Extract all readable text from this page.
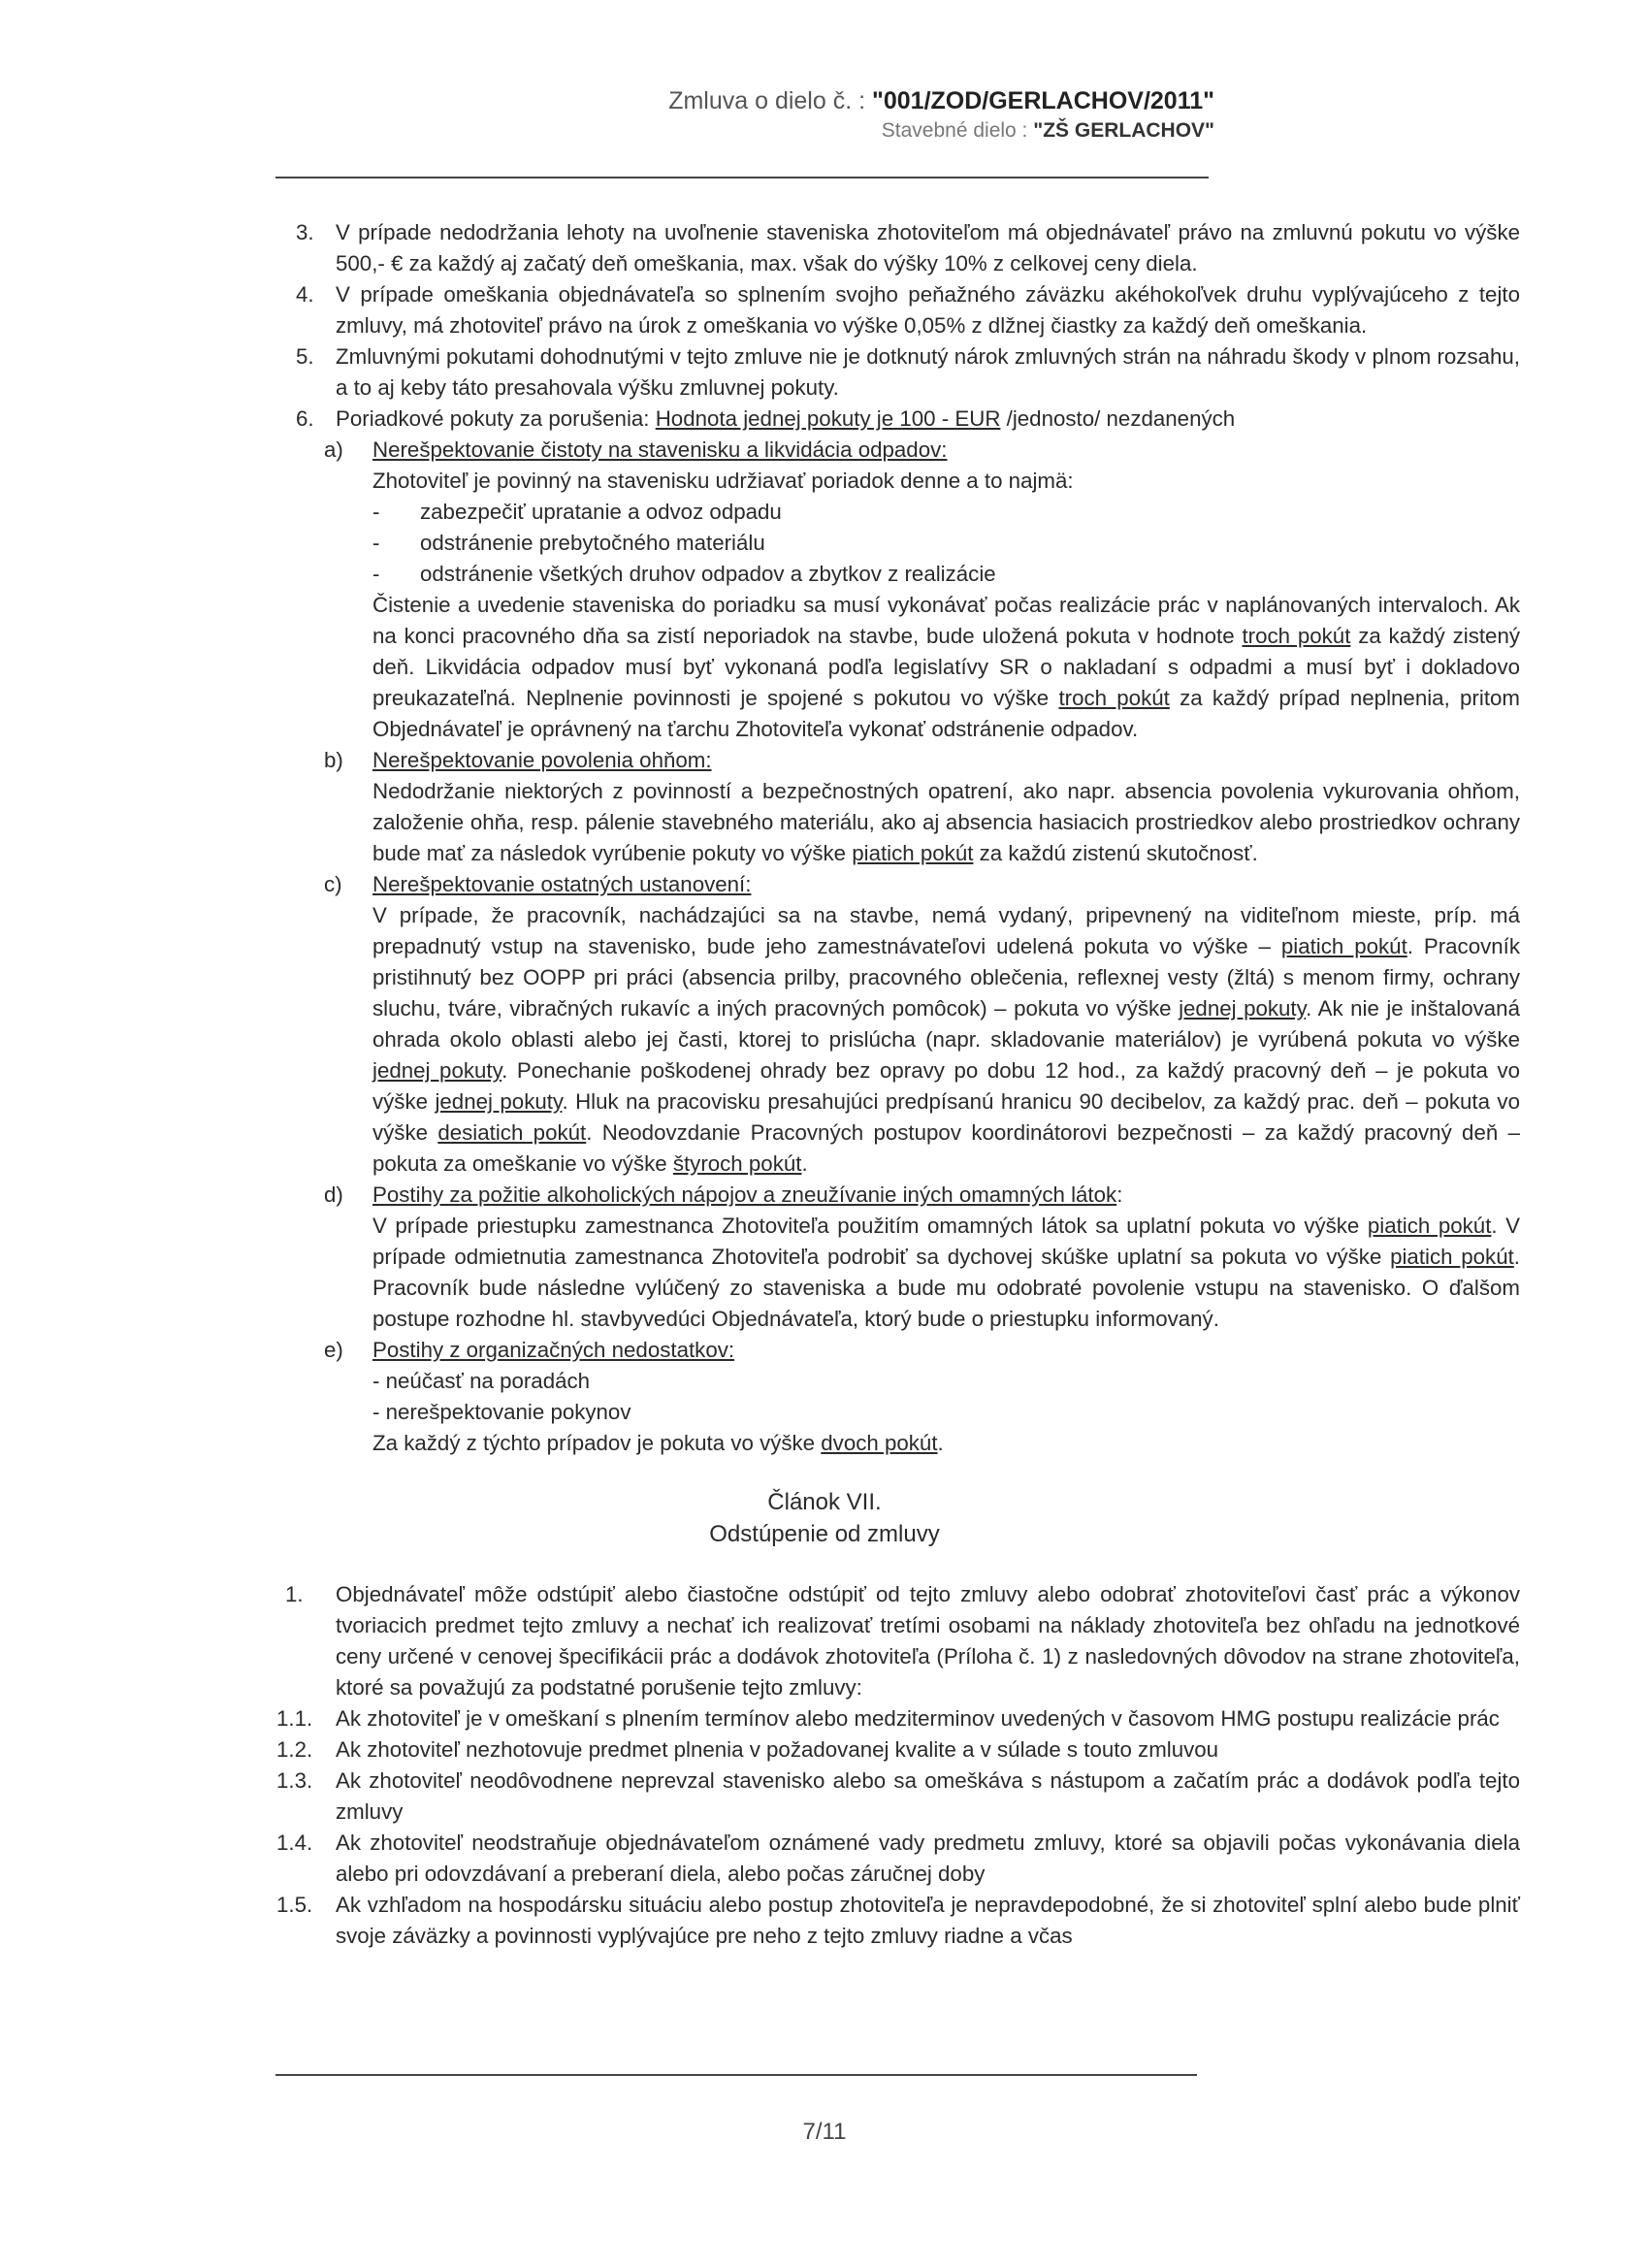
Zmluva o dielo č. : "001/ZOD/GERLACHOV/2011"
Stavebné dielo : "ZŠ GERLACHOV"
3. V prípade nedodržania lehoty na uvoľnenie staveniska zhotoviteľom má objednávateľ právo na zmluvnú pokutu vo výške 500,- € za každý aj začatý deň omeškania, max. však do výšky 10% z celkovej ceny diela.
4. V prípade omeškania objednávateľa so splnením svojho peňažného záväzku akéhokoľvek druhu vyplývajúceho z tejto zmluvy, má zhotoviteľ právo na úrok z omeškania vo výške 0,05% z dlžnej čiastky za každý deň omeškania.
5. Zmluvnými pokutami dohodnutými v tejto zmluve nie je dotknutý nárok zmluvných strán na náhradu škody v plnom rozsahu, a to aj keby táto presahovala výšku zmluvnej pokuty.
6. Poriadkové pokuty za porušenia: Hodnota jednej pokuty je 100 - EUR /jednosto/ nezdanených
a) Nerešpektovanie čistoty na stavenisku a likvidácia odpadov:
Zhotoviteľ je povinný na stavenisku udržiavať poriadok denne a to najmä:
- zabezpečiť upratanie a odvoz odpadu
- odstránenie prebytočného materiálu
- odstránenie všetkých druhov odpadov a zbytkov z realizácie
Čistenie a uvedenie staveniska do poriadku sa musí vykonávať počas realizácie prác v naplánovaných intervaloch. Ak na konci pracovného dňa sa zistí neporiadok na stavbe, bude uložená pokuta v hodnote troch pokút za každý zistený deň. Likvidácia odpadov musí byť vykonaná podľa legislatívy SR o nakladaní s odpadmi a musí byť i dokladovo preukazateľná. Neplnenie povinnosti je spojené s pokutou vo výške troch pokút za každý prípad neplnenia, pritom Objednávateľ je oprávnený na ťarchu Zhotoviteľa vykonať odstránenie odpadov.
b) Nerešpektovanie povolenia ohňom:
Nedodržanie niektorých z povinností a bezpečnostných opatrení, ako napr. absencia povolenia vykurovania ohňom, založenie ohňa, resp. pálenie stavebného materiálu, ako aj absencia hasiacich prostriedkov alebo prostriedkov ochrany bude mať za následok vyrúbenie pokuty vo výške piatich pokút za každú zistenú skutočnosť.
c) Nerešpektovanie ostatných ustanovení:
V prípade, že pracovník, nachádzajúci sa na stavbe, nemá vydaný, pripevnený na viditeľnom mieste, príp. má prepadnutý vstup na stavenisko, bude jeho zamestnávateľovi udelená pokuta vo výške – piatich pokút. Pracovník pristihnutý bez OOPP pri práci (absencia prilby, pracovného oblečenia, reflexnej vesty (žltá) s menom firmy, ochrany sluchu, tváre, vibračných rukavíc a iných pracovných pomôcok) – pokuta vo výške jednej pokuty. Ak nie je inštalovaná ohrada okolo oblasti alebo jej časti, ktorej to prislúcha (napr. skladovanie materiálov) je vyrúbená pokuta vo výške jednej pokuty. Ponechanie poškodenej ohrady bez opravy po dobu 12 hod., za každý pracovný deň – je pokuta vo výške jednej pokuty. Hluk na pracovisku presahujúci predpísanú hranicu 90 decibelov, za každý prac. deň – pokuta vo výške desiatich pokút. Neodovzdanie Pracovných postupov koordinátorovi bezpečnosti – za každý pracovný deň – pokuta za omeškanie vo výške štyroch pokút.
d) Postihy za požitie alkoholických nápojov a zneužívanie iných omamných látok:
V prípade priestupku zamestnanca Zhotoviteľa použitím omamných látok sa uplatní pokuta vo výške piatich pokút. V prípade odmietnutia zamestnanca Zhotoviteľa podrobiť sa dychovej skúške uplatní sa pokuta vo výške piatich pokút. Pracovník bude následne vylúčený zo staveniska a bude mu odobraté povolenie vstupu na stavenisko. O ďalšom postupe rozhodne hl. stavbyvedúci Objednávateľa, ktorý bude o priestupku informovaný.
e) Postihy z organizačných nedostatkov:
- neúčasť na poradách
- nerešpektovanie pokynov
Za každý z týchto prípadov je pokuta vo výške dvoch pokút.
Článok VII.
Odstúpenie od zmluvy
1. Objednávateľ môže odstúpiť alebo čiastočne odstúpiť od tejto zmluvy alebo odobrať zhotoviteľovi časť prác a výkonov tvoriacich predmet tejto zmluvy a nechať ich realizovať tretími osobami na náklady zhotoviteľa bez ohľadu na jednotkové ceny určené v cenovej špecifikácii prác a dodávok zhotoviteľa (Príloha č. 1) z nasledovných dôvodov na strane zhotoviteľa, ktoré sa považujú za podstatné porušenie tejto zmluvy:
1.1. Ak zhotoviteľ je v omeškaní s plnením termínov alebo medziterminov uvedených v časovom HMG postupu realizácie prác
1.2. Ak zhotoviteľ nezhotovuje predmet plnenia v požadovanej kvalite a v súlade s touto zmluvou
1.3. Ak zhotoviteľ neodôvodnene neprevzal stavenisko alebo sa omeškáva s nástupom a začatím prác a dodávok podľa tejto zmluvy
1.4. Ak zhotoviteľ neodstraňuje objednávateľom oznámené vady predmetu zmluvy, ktoré sa objavili počas vykonávania diela alebo pri odovzdávaní a preberaní diela, alebo počas záručnej doby
1.5. Ak vzhľadom na hospodársku situáciu alebo postup zhotoviteľa je nepravdepodobné, že si zhotoviteľ splní alebo bude plniť svoje záväzky a povinnosti vyplývajúce pre neho z tejto zmluvy riadne a včas
7/11
